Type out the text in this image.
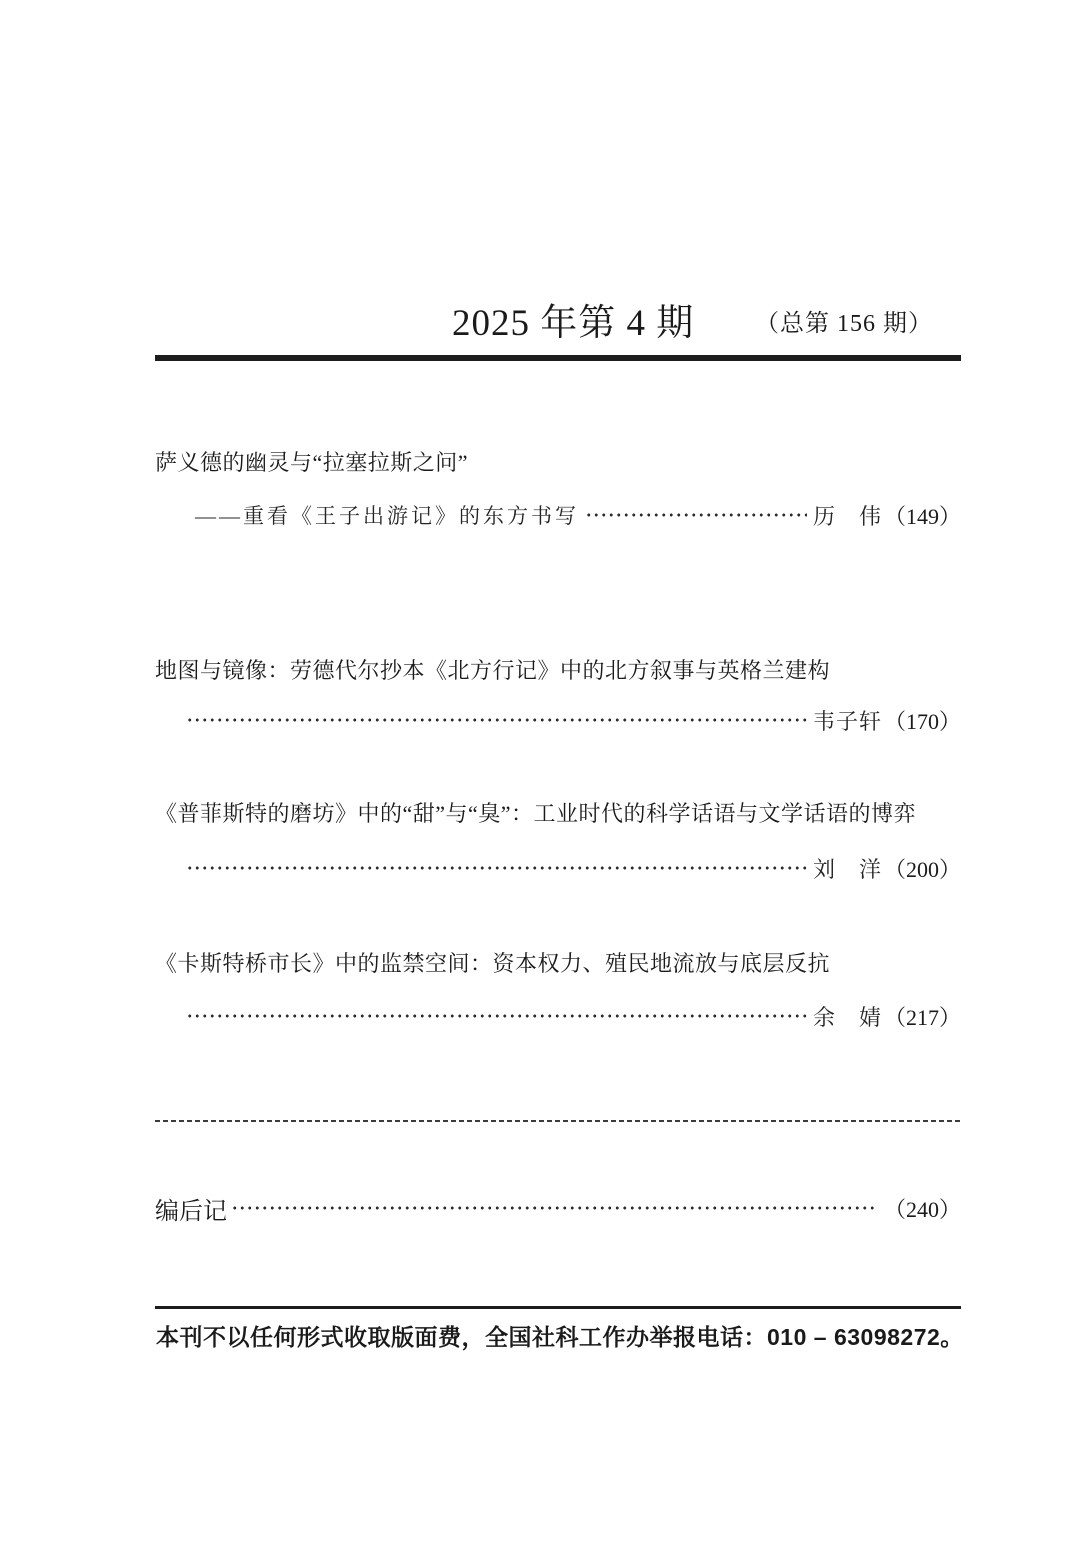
2025 年第 4 期	（总第 156 期）
萨义德的幽灵与“拉塞拉斯之问”
——重看《王子出游记》的东方书写	历　伟 （149）
地图与镜像：劳德代尔抄本《北方行记》中的北方叙事与英格兰建构
韦子轩 （170）
《普菲斯特的磨坊》中的“甜”与“臭”：工业时代的科学话语与文学话语的博弈
刘　洋 （200）
《卡斯特桥市长》中的监禁空间：资本权力、殖民地流放与底层反抗
余　婧 （217）
编后记	（240）
本刊不以任何形式收取版面费，全国社科工作办举报电话：010 – 63098272。
